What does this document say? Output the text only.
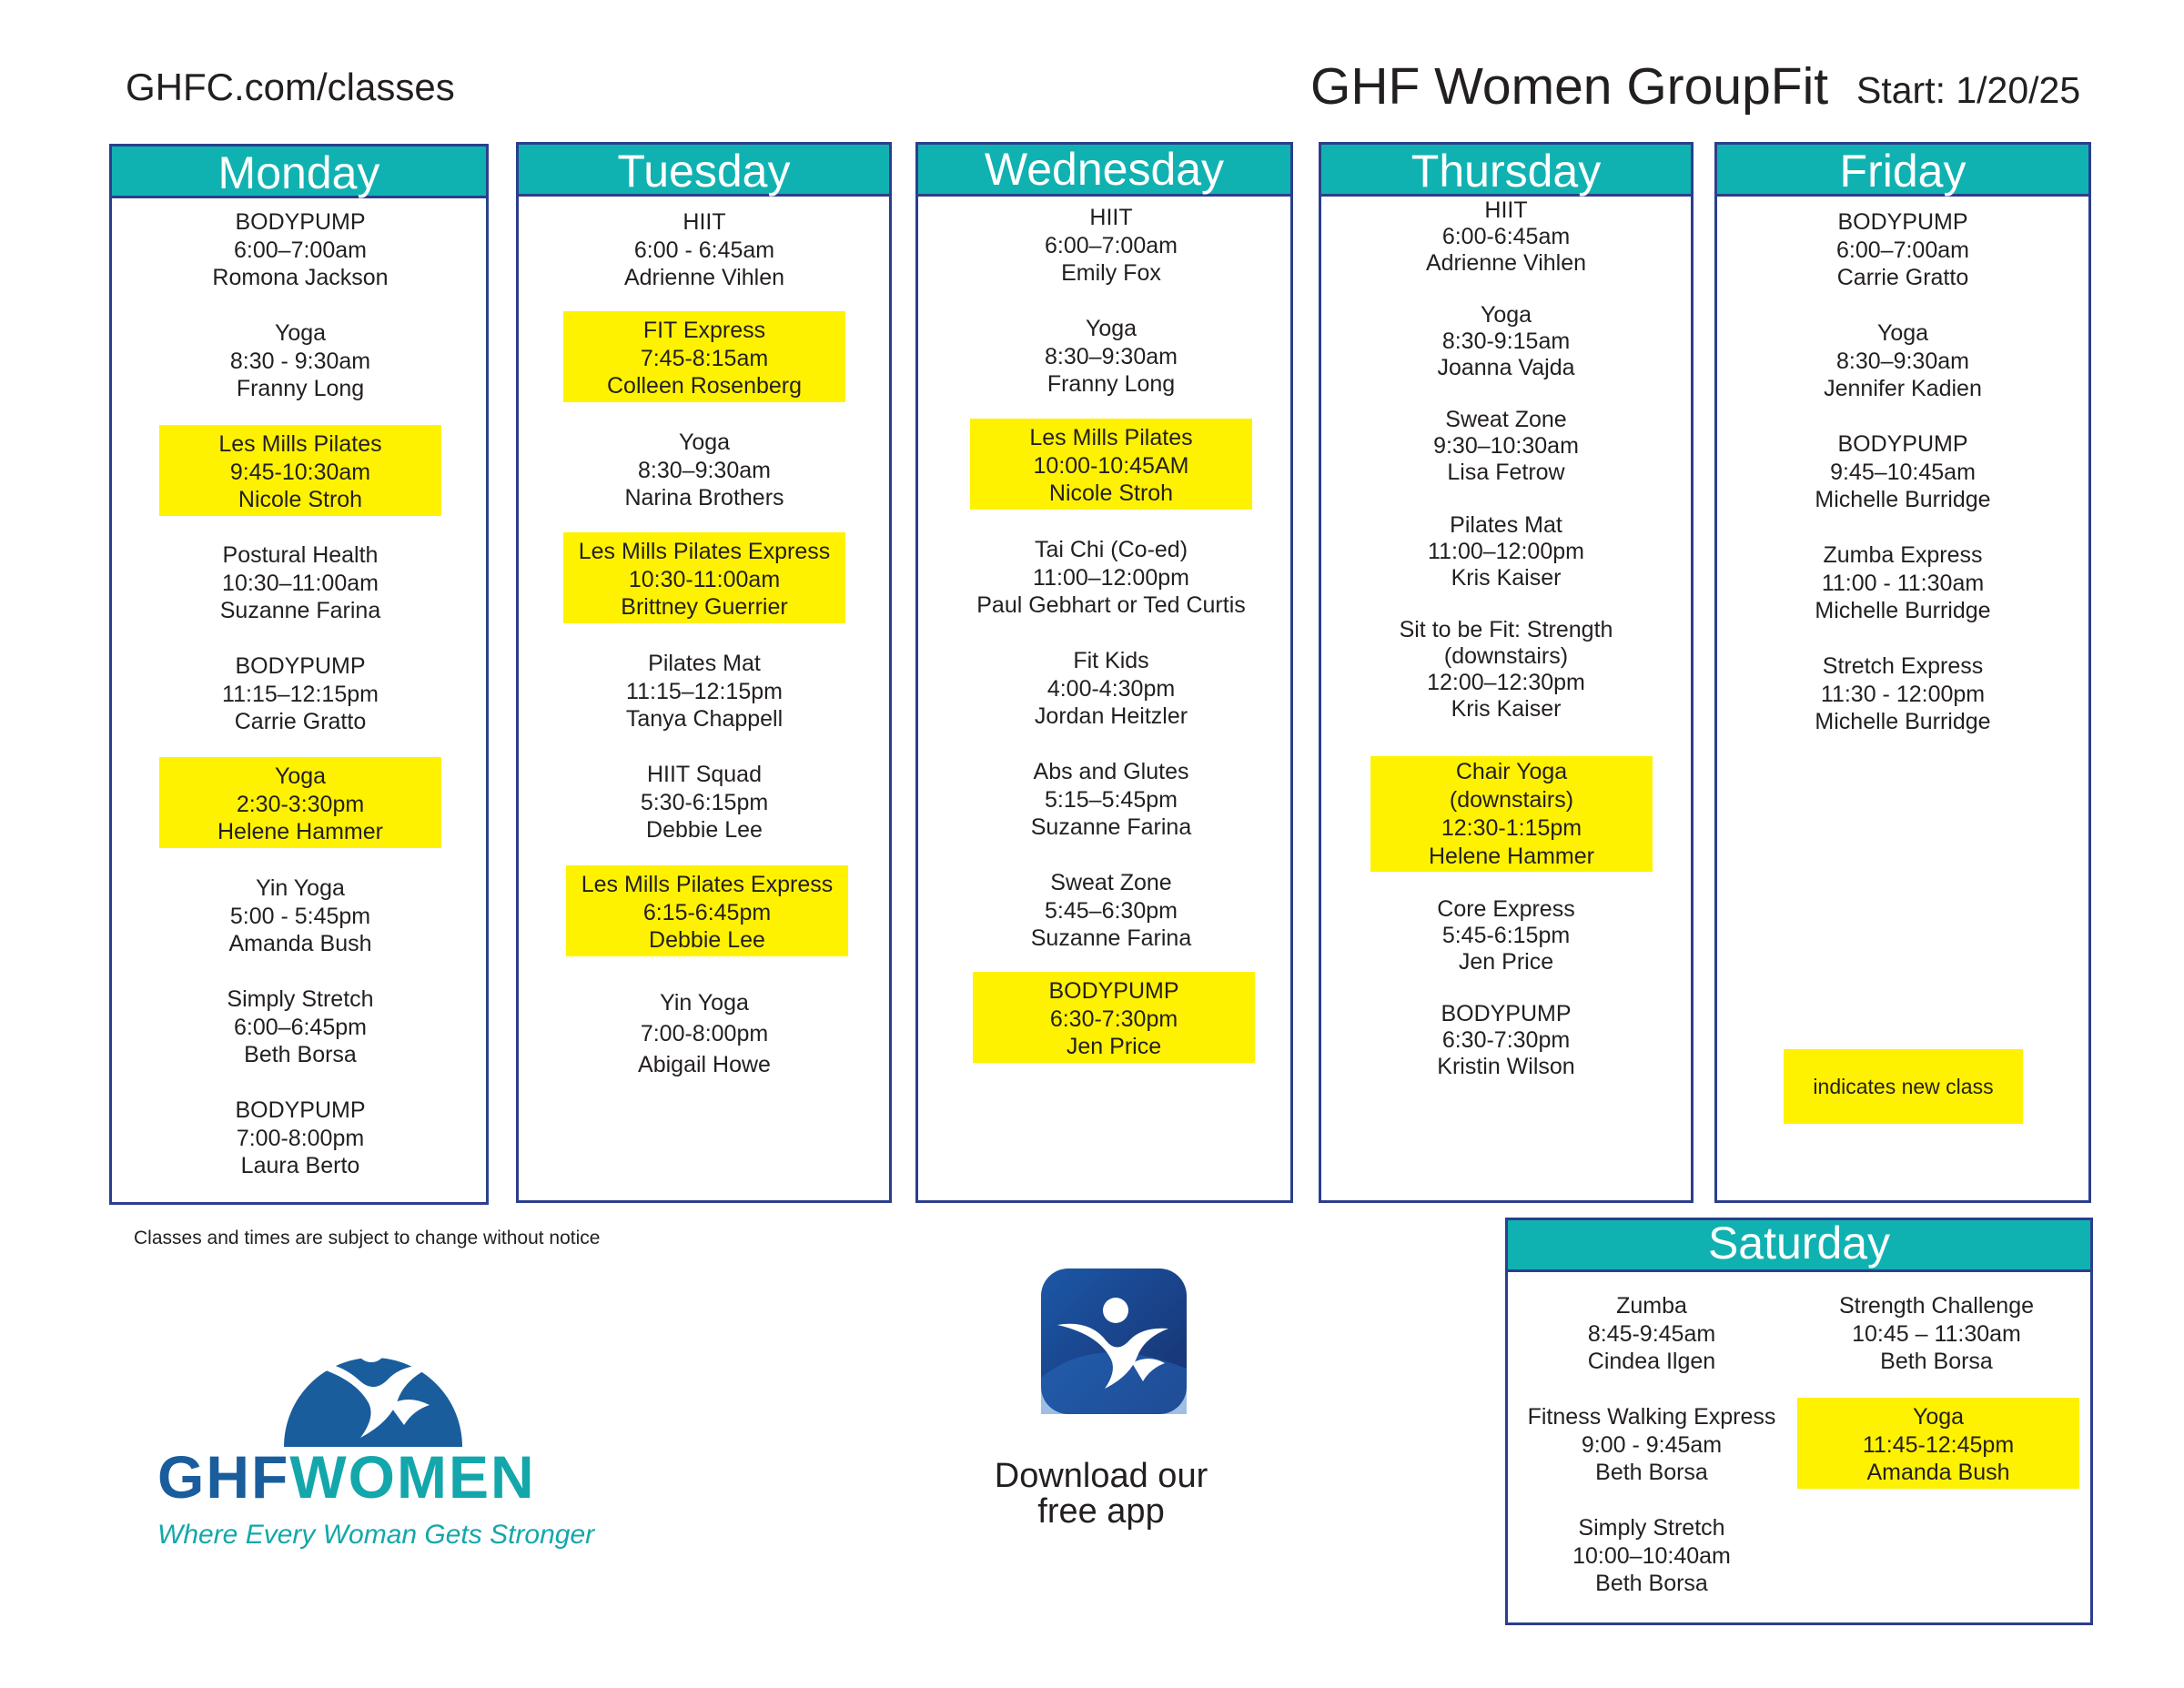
GHFC.com/classes	GHF Women GroupFit Start: 1/20/25
Monday
BODYPUMP
6:00–7:00am
Romona Jackson
Yoga
8:30 - 9:30am
Franny Long
Les Mills Pilates
9:45-10:30am
Nicole Stroh
Postural Health
10:30–11:00am
Suzanne Farina
BODYPUMP
11:15–12:15pm
Carrie Gratto
Yoga
2:30-3:30pm
Helene Hammer
Yin Yoga
5:00 - 5:45pm
Amanda Bush
Simply Stretch
6:00–6:45pm
Beth Borsa
BODYPUMP
7:00-8:00pm
Laura Berto
Tuesday
HIIT
6:00 - 6:45am
Adrienne Vihlen
FIT Express
7:45-8:15am
Colleen Rosenberg
Yoga
8:30–9:30am
Narina Brothers
Les Mills Pilates Express
10:30-11:00am
Brittney Guerrier
Pilates Mat
11:15–12:15pm
Tanya Chappell
HIIT Squad
5:30-6:15pm
Debbie Lee
Les Mills Pilates Express
6:15-6:45pm
Debbie Lee
Yin Yoga
7:00-8:00pm
Abigail Howe
Wednesday
HIIT
6:00–7:00am
Emily Fox
Yoga
8:30–9:30am
Franny Long
Les Mills Pilates
10:00-10:45AM
Nicole Stroh
Tai Chi (Co-ed)
11:00–12:00pm
Paul Gebhart or Ted Curtis
Fit Kids
4:00-4:30pm
Jordan Heitzler
Abs and Glutes
5:15–5:45pm
Suzanne Farina
Sweat Zone
5:45–6:30pm
Suzanne Farina
BODYPUMP
6:30-7:30pm
Jen Price
Thursday
HIIT
6:00-6:45am
Adrienne Vihlen
Yoga
8:30-9:15am
Joanna Vajda
Sweat Zone
9:30–10:30am
Lisa Fetrow
Pilates Mat
11:00–12:00pm
Kris Kaiser
Sit to be Fit: Strength
(downstairs)
12:00–12:30pm
Kris Kaiser
Chair Yoga
(downstairs)
12:30-1:15pm
Helene Hammer
Core Express
5:45-6:15pm
Jen Price
BODYPUMP
6:30-7:30pm
Kristin Wilson
Friday
BODYPUMP
6:00–7:00am
Carrie Gratto
Yoga
8:30–9:30am
Jennifer Kadien
BODYPUMP
9:45–10:45am
Michelle Burridge
Zumba Express
11:00 - 11:30am
Michelle Burridge
Stretch Express
11:30 - 12:00pm
Michelle Burridge
indicates new class
Saturday
Zumba
8:45-9:45am
Cindea Ilgen
Fitness Walking Express
9:00 - 9:45am
Beth Borsa
Simply Stretch
10:00–10:40am
Beth Borsa
Strength Challenge
10:45 – 11:30am
Beth Borsa
Yoga
11:45-12:45pm
Amanda Bush
Classes and times are subject to change without notice
GHFWOMEN
Where Every Woman Gets Stronger
Download our
free app
